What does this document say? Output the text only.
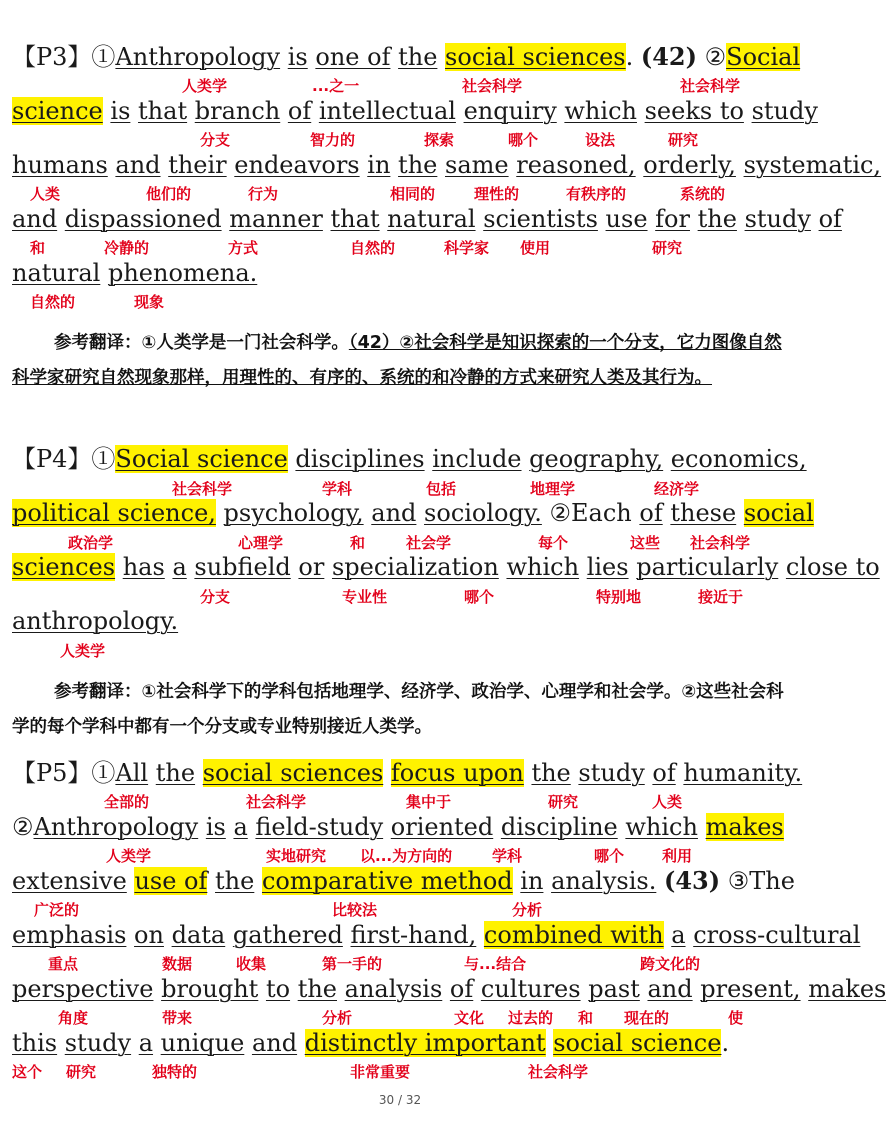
【P3】①Anthropology is one of the social sciences. (42) ②Social
science is that branch of intellectual enquiry which seeks to study
humans and their endeavors in the same reasoned, orderly, systematic,
and dispassioned manner that natural scientists use for the study of
natural phenomena.
人类学	...之一	社会科学	社会科学
分支	智力的	探索	哪个	设法	研究
人类	他们的	行为	相同的	理性的	有秩序的	系统的
和	冷静的	方式	自然的	科学家 使用	研究
自然的	现象
参考翻译：①人类学是一门社会科学。（42）②社会科学是知识探索的一个分支，它力图像自然科学家研究自然现象那样，用理性的、有序的、系统的和冷静的方式来研究人类及其行为。
【P4】①Social science disciplines include geography, economics,
political science, psychology, and sociology. ②Each of these social
sciences has a subfield or specialization which lies particularly close to
anthropology.
社会科学	学科	包括	地理学	经济学
政治学	心理学	和	社会学	每个	这些 社会科学
分支	专业性	哪个	特别地	接近于
人类学
参考翻译：①社会科学下的学科包括地理学、经济学、政治学、心理学和社会学。②这些社会科学的每个学科中都有一个分支或专业特别接近人类学。
【P5】①All the social sciences focus upon the study of humanity.
②Anthropology is a field-study oriented discipline which makes
extensive use of the comparative method in analysis. (43) ③The
emphasis on data gathered first-hand, combined with a cross-cultural
perspective brought to the analysis of cultures past and present, makes
this study a unique and distinctly important social science.
全部的	社会科学	集中于	研究	人类
人类学	实地研究 以...为方向的	学科	哪个	利用
广泛的	比较法	分析
重点	数据	收集	第一手的	与...结合	跨文化的
角度	带来	分析	文化 过去的 和 现在的	使
这个 研究	独特的	非常重要	社会科学
30 / 32
